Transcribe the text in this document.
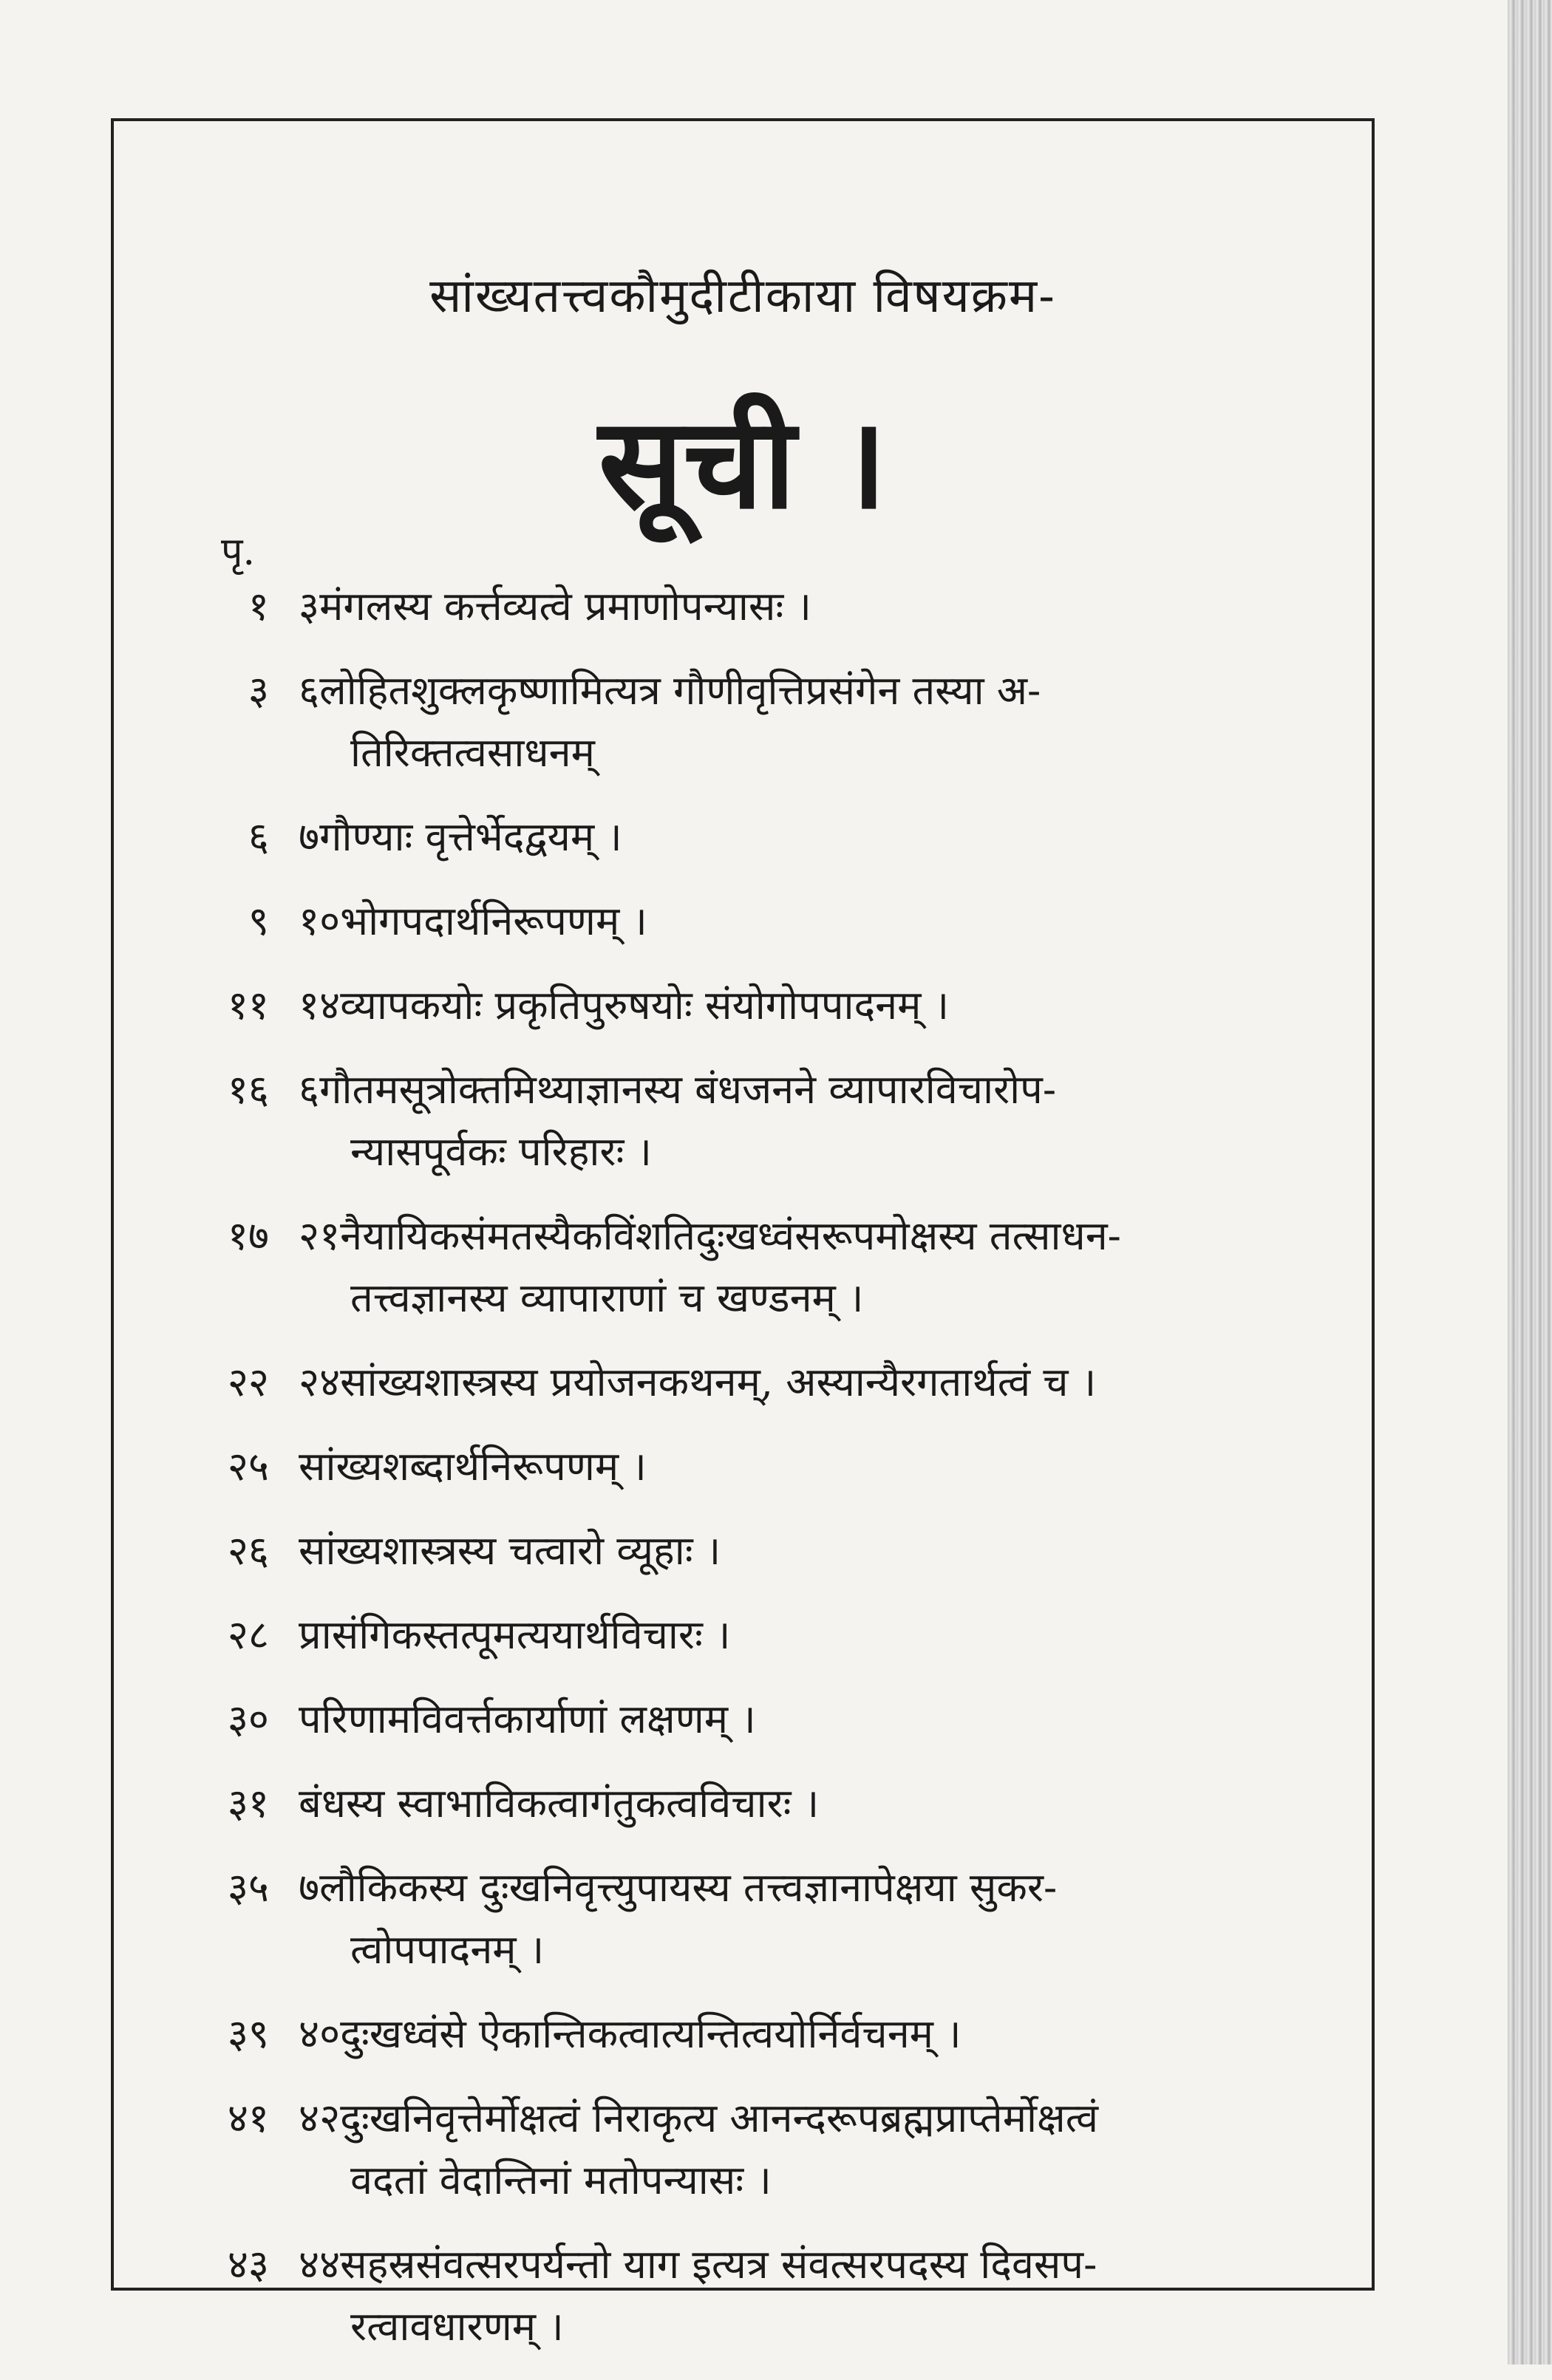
सांख्यतत्त्वकौमुदीटीकाया विषयक्रम-
सूची ।
पृ.
१ ३मंगलस्य कर्त्तव्यत्वे प्रमाणोपन्यासः ।
३ ६लोहितशुक्लकृष्णामित्यत्र गौणीवृत्तिप्रसंगेन तस्या अ-
तिरिक्तत्वसाधनम्
६ ७गौण्याः वृत्तेर्भेदद्वयम् ।
९ १०भोगपदार्थनिरूपणम् ।
११ १४व्यापकयोः प्रकृतिपुरुषयोः संयोगोपपादनम् ।
१६ ६गौतमसूत्रोक्तमिथ्याज्ञानस्य बंधजनने व्यापारविचारोप-
न्यासपूर्वकः परिहारः ।
१७ २१नैयायिकसंमतस्यैकविंशतिदुःखध्वंसरूपमोक्षस्य तत्साधन-
तत्त्वज्ञानस्य व्यापाराणां च खण्डनम् ।
२२ २४सांख्यशास्त्रस्य प्रयोजनकथनम्, अस्यान्यैरगतार्थत्वं च ।
२५ सांख्यशब्दार्थनिरूपणम् ।
२६ सांख्यशास्त्रस्य चत्वारो व्यूहाः ।
२८ प्रासंगिकस्तत्पूमत्ययार्थविचारः ।
३० परिणामविवर्त्तकार्याणां लक्षणम् ।
३१ बंधस्य स्वाभाविकत्वागंतुकत्वविचारः ।
३५ ७लौकिकस्य दुःखनिवृत्त्युपायस्य तत्त्वज्ञानापेक्षया सुकर-
त्वोपपादनम् ।
३९ ४०दुःखध्वंसे ऐकान्तिकत्वात्यन्तित्वयोर्निर्वचनम् ।
४१ ४२दुःखनिवृत्तेर्मोक्षत्वं निराकृत्य आनन्दरूपब्रह्मप्राप्तेर्मोक्षत्वं
वदतां वेदान्तिनां मतोपन्यासः ।
४३ ४४सहस्रसंवत्सरपर्यन्तो याग इत्यत्र संवत्सरपदस्य दिवसप-
रत्वावधारणम् ।
